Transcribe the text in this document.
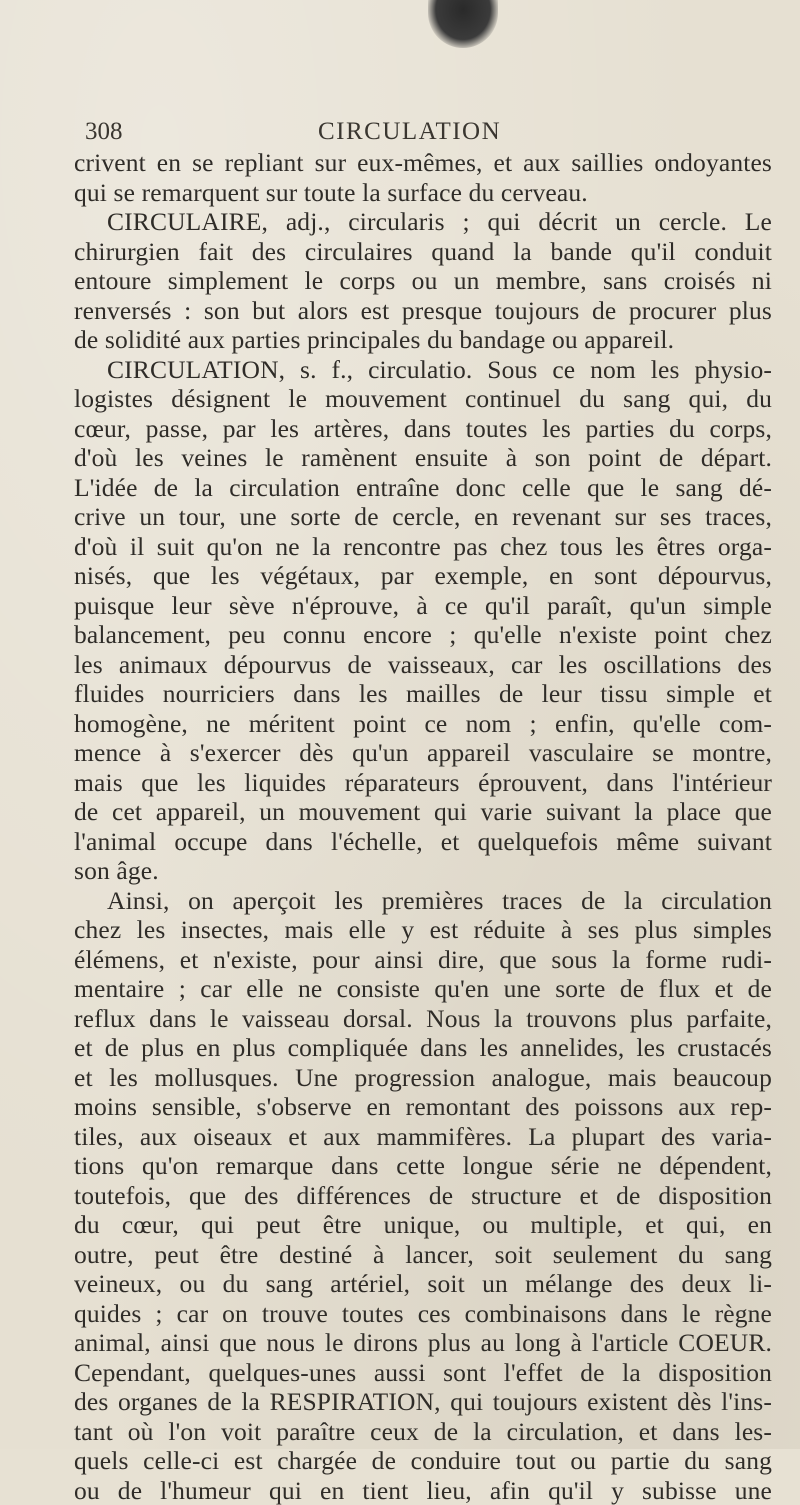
308	CIRCULATION
crivent en se repliant sur eux-mêmes, et aux saillies ondoyantes
qui se remarquent sur toute la surface du cerveau.
CIRCULAIRE, adj., circularis ; qui décrit un cercle. Le
chirurgien fait des circulaires quand la bande qu'il conduit
entoure simplement le corps ou un membre, sans croisés ni
renversés : son but alors est presque toujours de procurer plus
de solidité aux parties principales du bandage ou appareil.
CIRCULATION, s. f., circulatio. Sous ce nom les physio-
logistes désignent le mouvement continuel du sang qui, du
cœur, passe, par les artères, dans toutes les parties du corps,
d'où les veines le ramènent ensuite à son point de départ.
L'idée de la circulation entraîne donc celle que le sang dé-
crive un tour, une sorte de cercle, en revenant sur ses traces,
d'où il suit qu'on ne la rencontre pas chez tous les êtres orga-
nisés, que les végétaux, par exemple, en sont dépourvus,
puisque leur sève n'éprouve, à ce qu'il paraît, qu'un simple
balancement, peu connu encore ; qu'elle n'existe point chez
les animaux dépourvus de vaisseaux, car les oscillations des
fluides nourriciers dans les mailles de leur tissu simple et
homogène, ne méritent point ce nom ; enfin, qu'elle com-
mence à s'exercer dès qu'un appareil vasculaire se montre,
mais que les liquides réparateurs éprouvent, dans l'intérieur
de cet appareil, un mouvement qui varie suivant la place que
l'animal occupe dans l'échelle, et quelquefois même suivant
son âge.
Ainsi, on aperçoit les premières traces de la circulation
chez les insectes, mais elle y est réduite à ses plus simples
élémens, et n'existe, pour ainsi dire, que sous la forme rudi-
mentaire ; car elle ne consiste qu'en une sorte de flux et de
reflux dans le vaisseau dorsal. Nous la trouvons plus parfaite,
et de plus en plus compliquée dans les annelides, les crustacés
et les mollusques. Une progression analogue, mais beaucoup
moins sensible, s'observe en remontant des poissons aux rep-
tiles, aux oiseaux et aux mammifères. La plupart des varia-
tions qu'on remarque dans cette longue série ne dépendent,
toutefois, que des différences de structure et de disposition
du cœur, qui peut être unique, ou multiple, et qui, en
outre, peut être destiné à lancer, soit seulement du sang
veineux, ou du sang artériel, soit un mélange des deux li-
quides ; car on trouve toutes ces combinaisons dans le règne
animal, ainsi que nous le dirons plus au long à l'article COEUR.
Cependant, quelques-unes aussi sont l'effet de la disposition
des organes de la RESPIRATION, qui toujours existent dès l'ins-
tant où l'on voit paraître ceux de la circulation, et dans les-
quels celle-ci est chargée de conduire tout ou partie du sang
ou de l'humeur qui en tient lieu, afin qu'il y subisse une
